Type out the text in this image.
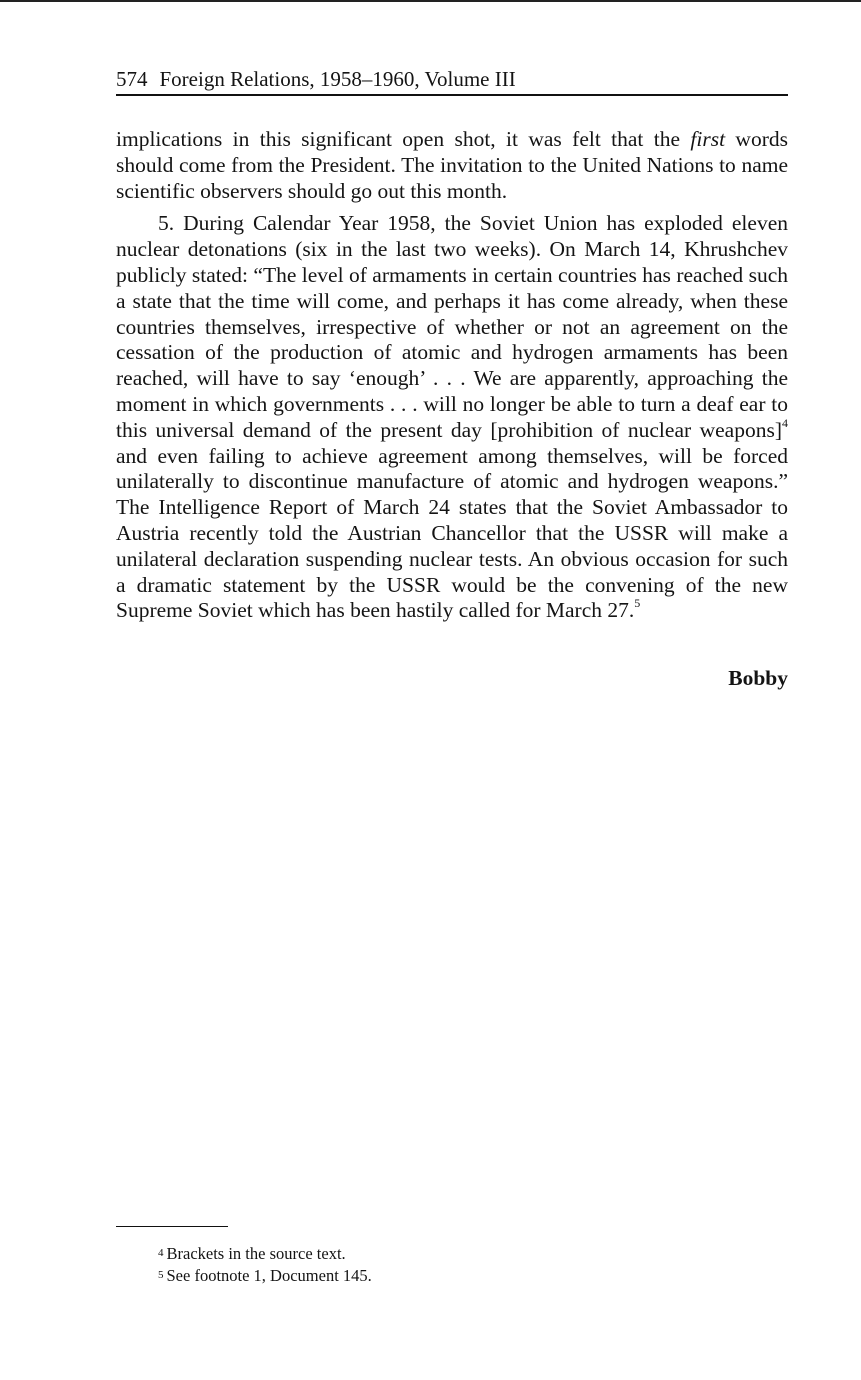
574 Foreign Relations, 1958–1960, Volume III

implications in this significant open shot, it was felt that the first words should come from the President. The invitation to the United Nations to name scientific observers should go out this month.

5. During Calendar Year 1958, the Soviet Union has exploded eleven nuclear detonations (six in the last two weeks). On March 14, Khrushchev publicly stated: “The level of armaments in certain countries has reached such a state that the time will come, and perhaps it has come already, when these countries themselves, irrespective of whether or not an agreement on the cessation of the production of atomic and hydrogen armaments has been reached, will have to say ‘enough’ . . . We are apparently, approaching the moment in which governments . . . will no longer be able to turn a deaf ear to this universal demand of the present day [prohibition of nuclear weapons]$^4$ and even failing to achieve agreement among themselves, will be forced unilaterally to discontinue manufacture of atomic and hydrogen weapons.” The Intelligence Report of March 24 states that the Soviet Ambassador to Austria recently told the Austrian Chancellor that the USSR will make a unilateral declaration suspending nuclear tests. An obvious occasion for such a dramatic statement by the USSR would be the convening of the new Supreme Soviet which has been hastily called for March 27.$^5$

Bobby
$^4$ Brackets in the source text.
$^5$ See footnote 1, Document 145.
